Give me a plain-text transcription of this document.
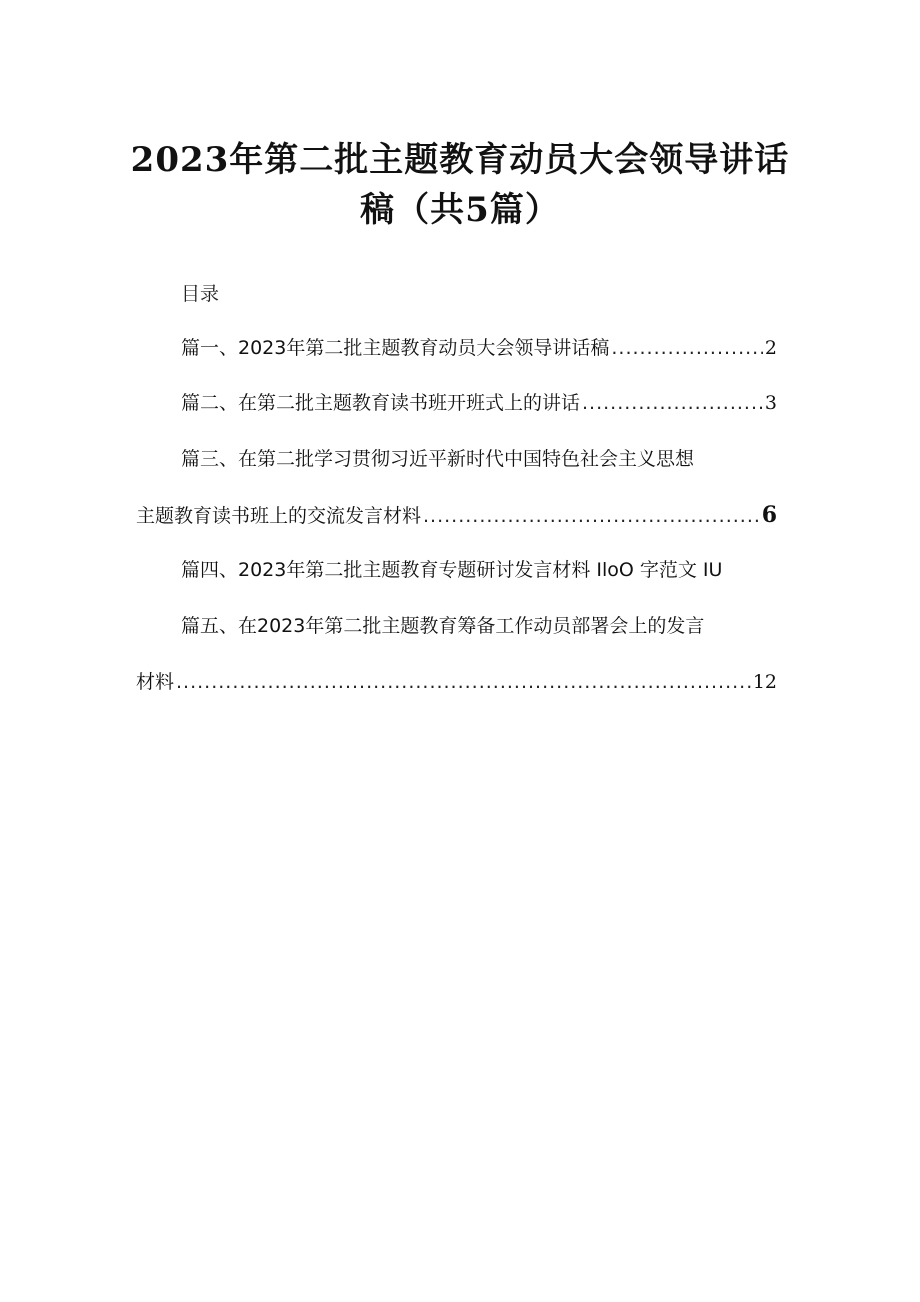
2023年第二批主题教育动员大会领导讲话
稿（共5篇）
目录
篇一、2023年第二批主题教育动员大会领导讲话稿 .....	2
篇二、在第二批主题教育读书班开班式上的讲话 .....	3
篇三、在第二批学习贯彻习近平新时代中国特色社会主义思想
主题教育读书班上的交流发言材料 .....	6
篇四、2023年第二批主题教育专题研讨发言材料 IloO 字范文 IU
篇五、在2023年第二批主题教育筹备工作动员部署会上的发言
材料 .....	12
